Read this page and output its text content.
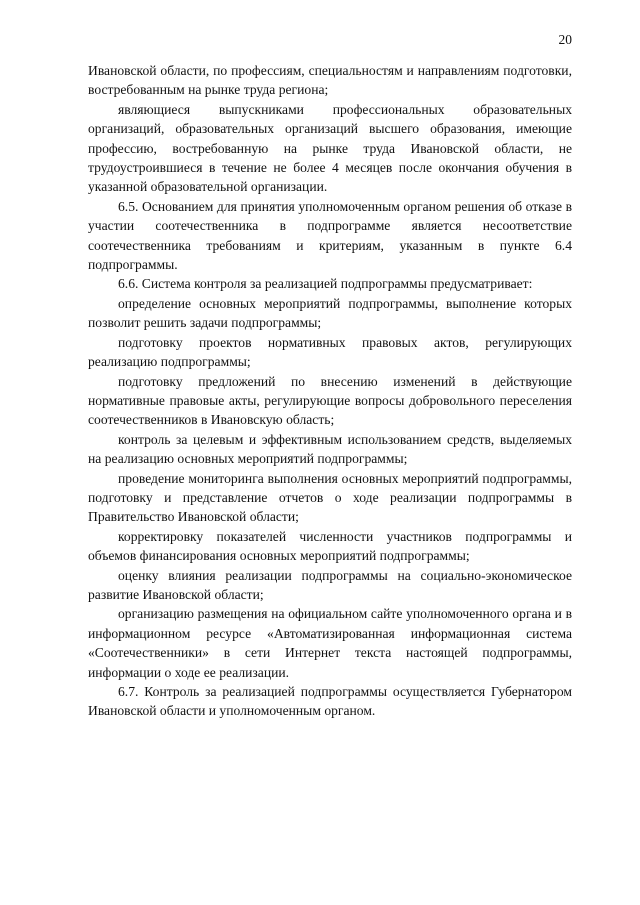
20

Ивановской области, по профессиям, специальностям и направлениям подготовки, востребованным на рынке труда региона;

являющиеся выпускниками профессиональных образовательных организаций, образовательных организаций высшего образования, имеющие профессию, востребованную на рынке труда Ивановской области, не трудоустроившиеся в течение не более 4 месяцев после окончания обучения в указанной образовательной организации.

6.5. Основанием для принятия уполномоченным органом решения об отказе в участии соотечественника в подпрограмме является несоответствие соотечественника требованиям и критериям, указанным в пункте 6.4 подпрограммы.

6.6. Система контроля за реализацией подпрограммы предусматривает:

определение основных мероприятий подпрограммы, выполнение которых позволит решить задачи подпрограммы;

подготовку проектов нормативных правовых актов, регулирующих реализацию подпрограммы;

подготовку предложений по внесению изменений в действующие нормативные правовые акты, регулирующие вопросы добровольного переселения соотечественников в Ивановскую область;

контроль за целевым и эффективным использованием средств, выделяемых на реализацию основных мероприятий подпрограммы;

проведение мониторинга выполнения основных мероприятий подпрограммы, подготовку и представление отчетов о ходе реализации подпрограммы в Правительство Ивановской области;

корректировку показателей численности участников подпрограммы и объемов финансирования основных мероприятий подпрограммы;

оценку влияния реализации подпрограммы на социально-экономическое развитие Ивановской области;

организацию размещения на официальном сайте уполномоченного органа и в информационном ресурсе «Автоматизированная информационная система «Соотечественники» в сети Интернет текста настоящей подпрограммы, информации о ходе ее реализации.

6.7. Контроль за реализацией подпрограммы осуществляется Губернатором Ивановской области и уполномоченным органом.
